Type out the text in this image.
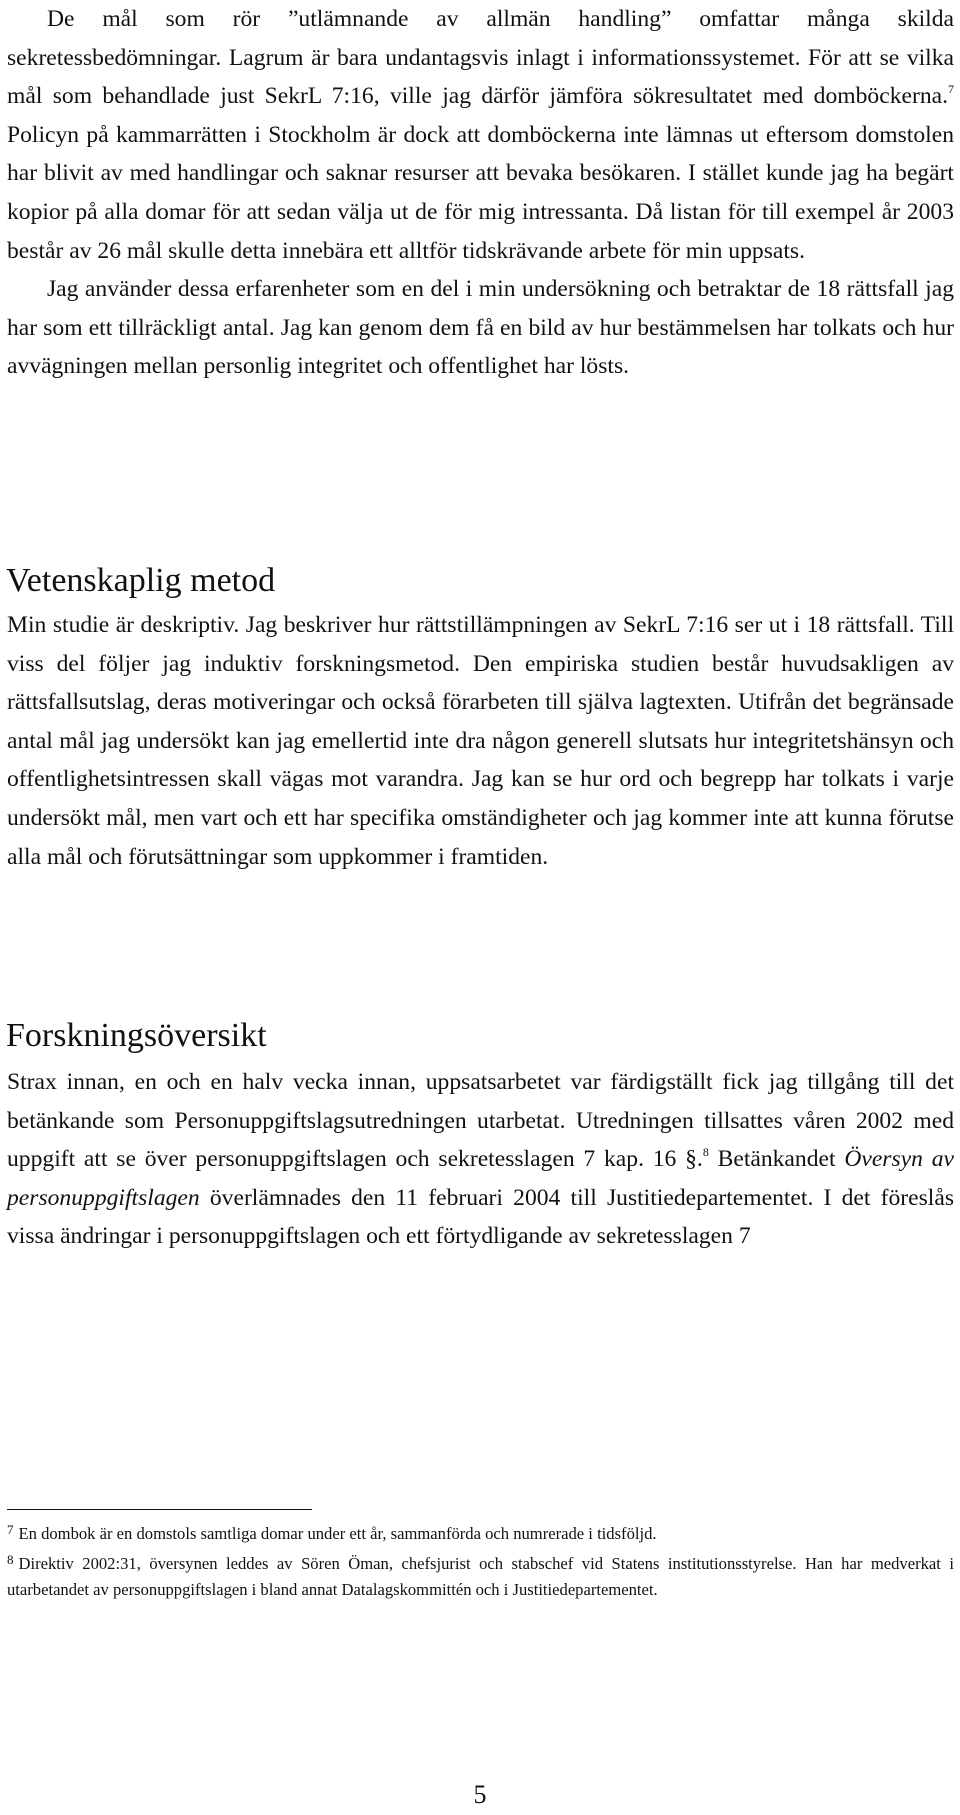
De mål som rör ”utlämnande av allmän handling” omfattar många skilda sekretessbedömningar. Lagrum är bara undantagsvis inlagt i informationssystemet. För att se vilka mål som behandlade just SekrL 7:16, ville jag därför jämföra sökresultatet med domböckerna.$^7$ Policyn på kammarrätten i Stockholm är dock att domböckerna inte lämnas ut eftersom domstolen har blivit av med handlingar och saknar resurser att bevaka besökaren. I stället kunde jag ha begärt kopior på alla domar för att sedan välja ut de för mig intressanta. Då listan för till exempel år 2003 består av 26 mål skulle detta innebära ett alltför tidskrävande arbete för min uppsats.

Jag använder dessa erfarenheter som en del i min undersökning och betraktar de 18 rättsfall jag har som ett tillräckligt antal. Jag kan genom dem få en bild av hur bestämmelsen har tolkats och hur avvägningen mellan personlig integritet och offentlighet har lösts.

Vetenskaplig metod

Min studie är deskriptiv. Jag beskriver hur rättstillämpningen av SekrL 7:16 ser ut i 18 rättsfall. Till viss del följer jag induktiv forskningsmetod. Den empiriska studien består huvudsakligen av rättsfallsutslag, deras motiveringar och också förarbeten till själva lagtexten. Utifrån det begränsade antal mål jag undersökt kan jag emellertid inte dra någon generell slutsats hur integritetshänsyn och offentlighetsintressen skall vägas mot varandra. Jag kan se hur ord och begrepp har tolkats i varje undersökt mål, men vart och ett har specifika omständigheter och jag kommer inte att kunna förutse alla mål och förutsättningar som uppkommer i framtiden.

Forskningsöversikt

Strax innan, en och en halv vecka innan, uppsatsarbetet var färdigställt fick jag tillgång till det betänkande som Personuppgiftslagsutredningen utarbetat. Utredningen tillsattes våren 2002 med uppgift att se över personuppgiftslagen och sekretesslagen 7 kap. 16 §.$^8$ Betänkandet Översyn av personuppgiftslagen överlämnades den 11 februari 2004 till Justitiedepartementet. I det föreslås vissa ändringar i personuppgiftslagen och ett förtydligande av sekretesslagen 7

$^7$ En dombok är en domstols samtliga domar under ett år, sammanförda och numrerade i tidsföljd.

$^8$ Direktiv 2002:31, översynen leddes av Sören Öman, chefsjurist och stabschef vid Statens institutionsstyrelse. Han har medverkat i utarbetandet av personuppgiftslagen i bland annat Datalagskommittén och i Justitiedepartementet.

5
